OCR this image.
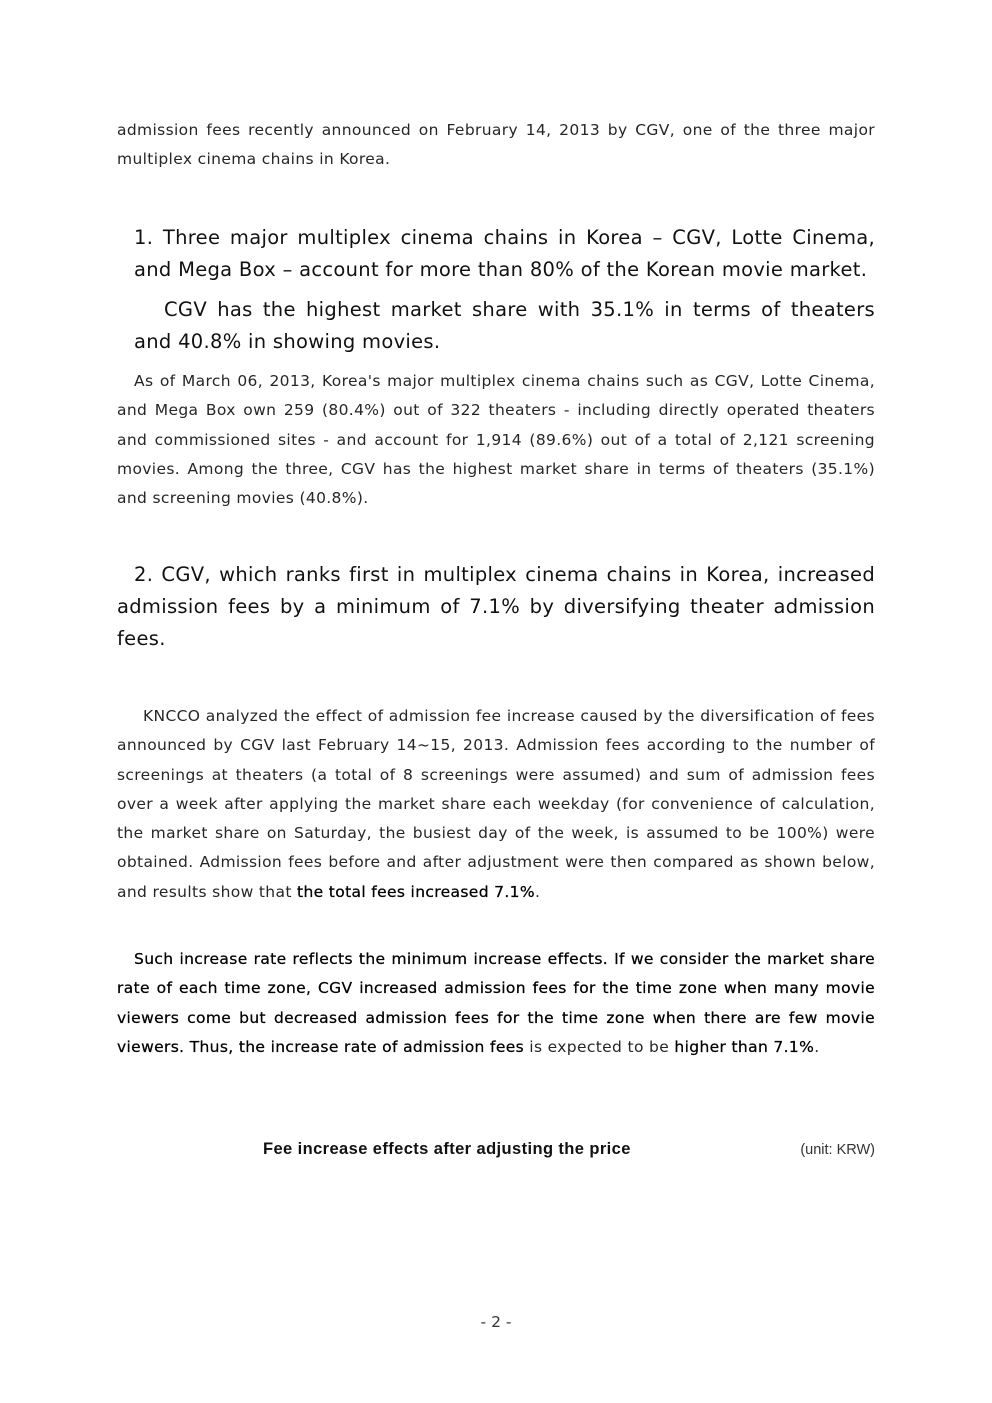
admission fees recently announced on February 14, 2013 by CGV, one of the three major multiplex cinema chains in Korea.

1. Three major multiplex cinema chains in Korea – CGV, Lotte Cinema, and Mega Box – account for more than 80% of the Korean movie market.

CGV has the highest market share with 35.1% in terms of theaters and 40.8% in showing movies.

As of March 06, 2013, Korea's major multiplex cinema chains such as CGV, Lotte Cinema, and Mega Box own 259 (80.4%) out of 322 theaters - including directly operated theaters and commissioned sites - and account for 1,914 (89.6%) out of a total of 2,121 screening movies. Among the three, CGV has the highest market share in terms of theaters (35.1%) and screening movies (40.8%).

2. CGV, which ranks first in multiplex cinema chains in Korea, increased admission fees by a minimum of 7.1% by diversifying theater admission fees.

KNCCO analyzed the effect of admission fee increase caused by the diversification of fees announced by CGV last February 14~15, 2013. Admission fees according to the number of screenings at theaters (a total of 8 screenings were assumed) and sum of admission fees over a week after applying the market share each weekday (for convenience of calculation, the market share on Saturday, the busiest day of the week, is assumed to be 100%) were obtained. Admission fees before and after adjustment were then compared as shown below, and results show that the total fees increased 7.1%.

Such increase rate reflects the minimum increase effects. If we consider the market share rate of each time zone, CGV increased admission fees for the time zone when many movie viewers come but decreased admission fees for the time zone when there are few movie viewers. Thus, the increase rate of admission fees is expected to be higher than 7.1%.

Fee increase effects after adjusting the price	(unit: KRW)
- 2 -
